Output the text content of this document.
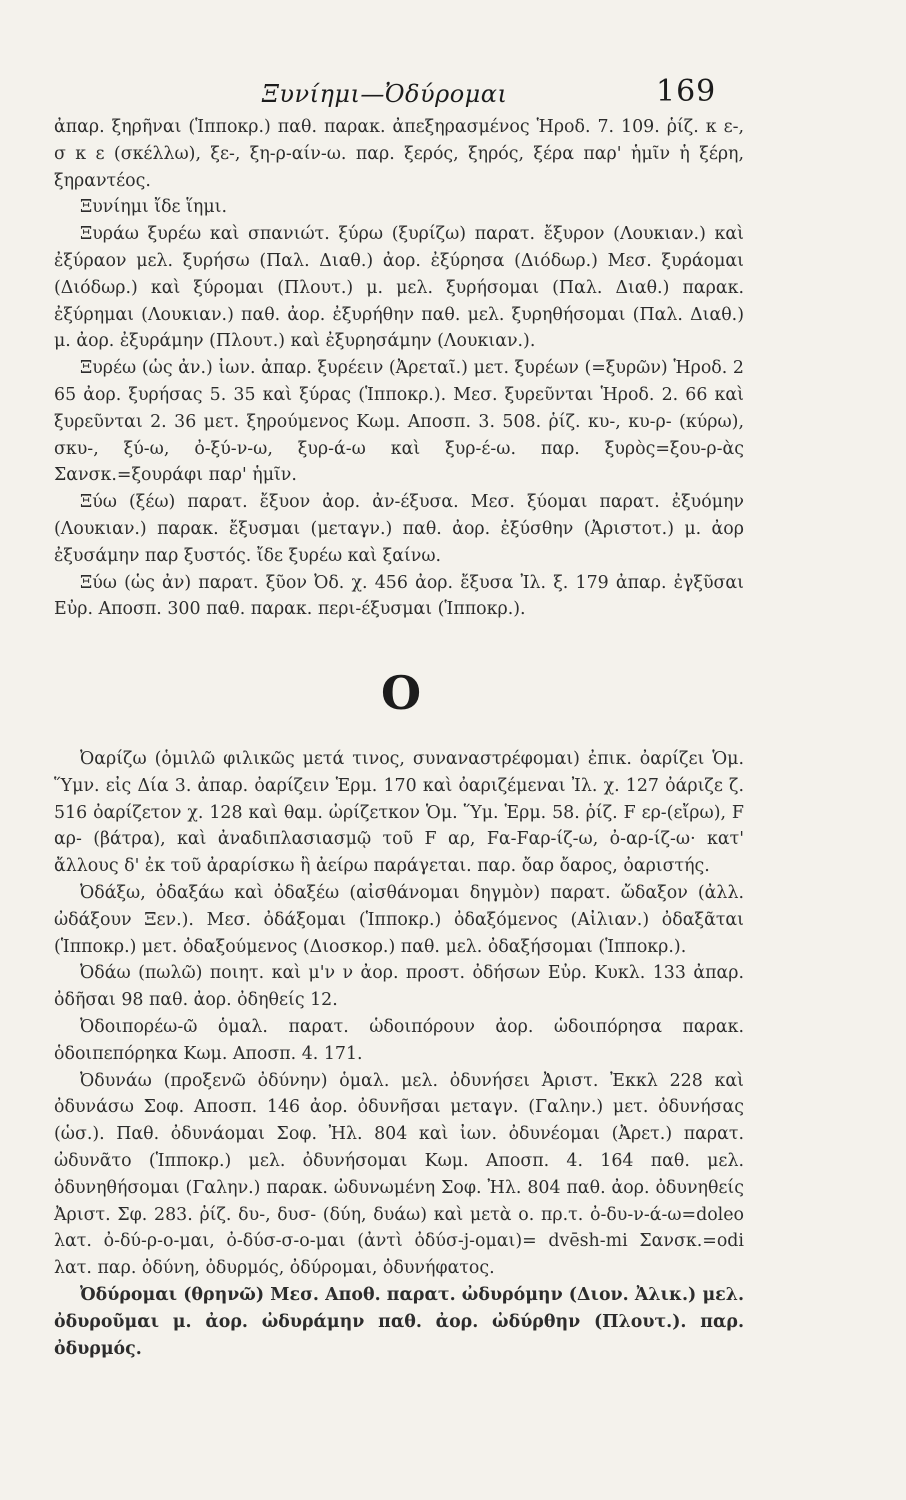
Ξυνίημι—Ὀδύρομαι	169

ἀπαρ. ξηρῆναι (Ἱπποκρ.) παθ. παρακ. ἀπεξηρασμένος Ἡροδ. 7. 109. ῥίζ. κ ε-, σ κ ε (σκέλλω), ξε-, ξη-ρ-αίν-ω. παρ. ξερός, ξηρός, ξέρα παρ' ἡμῖν ἡ ξέρη, ξηραντέος.

Ξυνίημι ἴδε ἵημι.

Ξυράω ξυρέω καὶ σπανιώτ. ξύρω (ξυρίζω) παρατ. ἔξυρον (Λουκιαν.) καὶ ἐξύραον μελ. ξυρήσω (Παλ. Διαθ.) ἀορ. ἐξύρησα (Διόδωρ.) Μεσ. ξυράομαι (Διόδωρ.) καὶ ξύρομαι (Πλουτ.) μ. μελ. ξυρήσομαι (Παλ. Διαθ.) παρακ. ἐξύρημαι (Λουκιαν.) παθ. ἀορ. ἐξυρήθην παθ. μελ. ξυρηθήσομαι (Παλ. Διαθ.) μ. ἀορ. ἐξυράμην (Πλουτ.) καὶ ἐξυρησάμην (Λουκιαν.).

Ξυρέω (ὡς ἀν.) ἰων. ἀπαρ. ξυρέειν (Ἀρεταῖ.) μετ. ξυρέων (=ξυρῶν) Ἡροδ. 2 65 ἀορ. ξυρήσας 5. 35 καὶ ξύρας (Ἱπποκρ.). Μεσ. ξυρεῦνται Ἡροδ. 2. 66 καὶ ξυρεῦνται 2. 36 μετ. ξηρούμενος Κωμ. Αποσπ. 3. 508. ῥίζ. κυ-, κυ-ρ- (κύρω), σκυ-, ξύ-ω, ὀ-ξύ-ν-ω, ξυρ-ά-ω καὶ ξυρ-έ-ω. παρ. ξυρὸς=ξου-ρ-ὰς Σανσκ.=ξουράφι παρ' ἡμῖν.

Ξύω (ξέω) παρατ. ἔξυον ἀορ. ἀν-έξυσα. Μεσ. ξύομαι παρατ. ἐξυόμην (Λουκιαν.) παρακ. ἔξυσμαι (μεταγν.) παθ. ἀορ. ἐξύσθην (Ἀριστοτ.) μ. ἀορ ἐξυσάμην παρ ξυστός. ἴδε ξυρέω καὶ ξαίνω.

Ξύω (ὡς ἀν) παρατ. ξῦον Ὀδ. χ. 456 ἀορ. ἔξυσα Ἰλ. ξ. 179 ἀπαρ. ἐγξῦσαι Εὐρ. Αποσπ. 300 παθ. παρακ. περι-έξυσμαι (Ἱπποκρ.).

O

Ὀαρίζω (ὁμιλῶ φιλικῶς μετά τινος, συναναστρέφομαι) ἐπικ. ὀαρίζει Ὁμ. Ὕμν. εἰς Δία 3. ἀπαρ. ὀαρίζειν Ἑρμ. 170 καὶ ὀαριζέμεναι Ἰλ. χ. 127 ὀάριζε ζ. 516 ὀαρίζετον χ. 128 καὶ θαμ. ὠρίζετκον Ὁμ. Ὕμ. Ἑρμ. 58. ῥίζ. F ερ-(εἴρω), F αρ- (βάτρα), καὶ ἀναδιπλασιασμῷ τοῦ F αρ, Fα-Fαρ-ίζ-ω, ὀ-αρ-ίζ-ω· κατ' ἄλλους δ' ἐκ τοῦ ἀραρίσκω ἢ ἀείρω παράγεται. παρ. ὄαρ ὄαρος, ὀαριστής.

Ὀδάξω, ὀδαξάω καὶ ὀδαξέω (αἰσθάνομαι δηγμὸν) παρατ. ὤδαξον (ἀλλ. ὠδάξουν Ξεν.). Μεσ. ὀδάξομαι (Ἱπποκρ.) ὀδαξόμενος (Αἰλιαν.) ὀδαξᾶται (Ἱπποκρ.) μετ. ὀδαξούμενος (Διοσκορ.) παθ. μελ. ὀδαξήσομαι (Ἱπποκρ.).

Ὀδάω (πωλῶ) ποιητ. καὶ μ'ν ν ἀορ. προστ. ὀδήσων Εὐρ. Κυκλ. 133 ἀπαρ. ὀδῆσαι 98 παθ. ἀορ. ὀδηθείς 12.

Ὀδοιπορέω-ῶ ὁμαλ. παρατ. ὡδοιπόρουν ἀορ. ὡδοιπόρησα παρακ. ὁδοιπεπόρηκα Κωμ. Αποσπ. 4. 171.

Ὀδυνάω (προξενῶ ὀδύνην) ὁμαλ. μελ. ὀδυνήσει Ἀριστ. Ἐκκλ 228 καὶ ὀδυνάσω Σοφ. Αποσπ. 146 ἀορ. ὀδυνῆσαι μεταγν. (Γαλην.) μετ. ὀδυνήσας (ὡσ.). Παθ. ὀδυνάομαι Σοφ. Ἠλ. 804 καὶ ἰων. ὀδυνέομαι (Ἀρετ.) παρατ. ὠδυνᾶτο (Ἱπποκρ.) μελ. ὀδυνήσομαι Κωμ. Αποσπ. 4. 164 παθ. μελ. ὀδυνηθήσομαι (Γαλην.) παρακ. ὠδυνωμένη Σοφ. Ἠλ. 804 παθ. ἀορ. ὀδυνηθείς Ἀριστ. Σφ. 283. ῥίζ. δυ-, δυσ- (δύη, δυάω) καὶ μετὰ ο. πρ.τ. ὀ-δυ-ν-ά-ω=doleo λατ. ὀ-δύ-ρ-ο-μαι, ὀ-δύσ-σ-ο-μαι (ἀντὶ ὀδύσ-j-ομαι)= dvēsh-mi Σανσκ.=odi λατ. παρ. ὀδύνη, ὀδυρμός, ὀδύρομαι, ὀδυνήφατος.

Ὀδύρομαι (θρηνῶ) Μεσ. Αποθ. παρατ. ὠδυρόμην (Διον. Ἀλικ.) μελ. ὀδυροῦμαι μ. ἀορ. ὠδυράμην παθ. ἀορ. ὠδύρθην (Πλουτ.). παρ. ὀδυρμός.
